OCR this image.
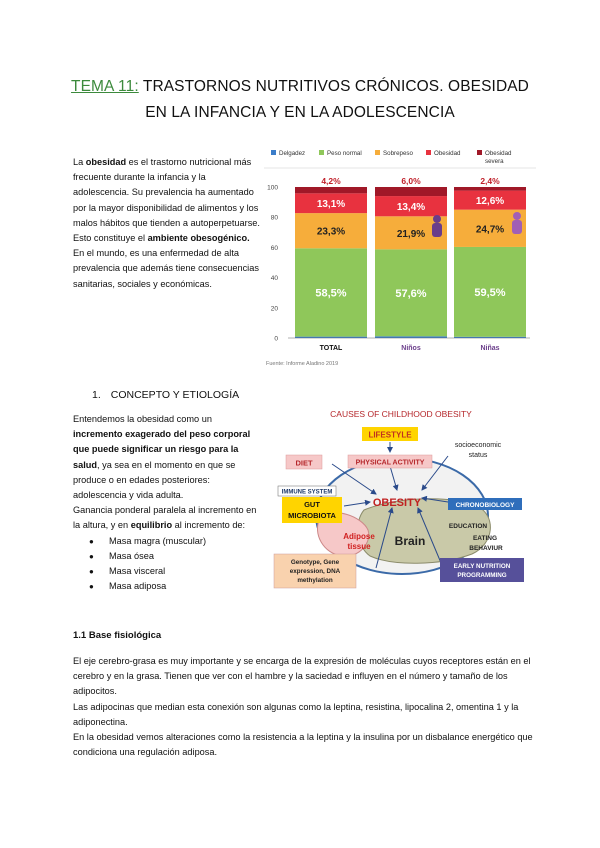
TEMA 11: TRASTORNOS NUTRITIVOS CRÓNICOS. OBESIDAD
EN LA INFANCIA Y EN LA ADOLESCENCIA
La obesidad es el trastorno nutricional más frecuente durante la infancia y la adolescencia. Su prevalencia ha aumentado por la mayor disponibilidad de alimentos y los malos hábitos que tienden a autoperpetuarse. Esto constituye el ambiente obesogénico. En el mundo, es una enfermedad de alta prevalencia que además tiene consecuencias sanitarias, sociales y económicas.
Delgadez	Peso normal	Sobrepeso	Obesidad	Obesidad
severa
0
20
40
60
80
100
58,5%
23,3%
13,1%
4,2%
TOTAL
57,6%
21,9%
13,4%
6,0%
Niños
59,5%
24,7%
12,6%
2,4%
Niñas
Fuente: Informe Aladino 2019
1. CONCEPTO Y ETIOLOGÍA
Entendemos la obesidad como un incremento exagerado del peso corporal que puede significar un riesgo para la salud, ya sea en el momento en que se produce o en edades posteriores: adolescencia y vida adulta.
Ganancia ponderal paralela al incremento en la altura, y en equilibrio al incremento de:
● Masa magra (muscular)
● Masa ósea
● Masa visceral
● Masa adiposa
CAUSES OF CHILDHOOD OBESITY
LIFESTYLE
socioeconomic
status
DIET	PHYSICAL ACTIVITY
IMMUNE SYSTEM
GUT
MICROBIOTA
OBESITY	CHRONOBIOLOGY
EDUCATION
EATING
BEHAVIUR
Adipose
tissue Brain
Genotype, Gene
expression, DNA
methylation
EARLY NUTRITION
PROGRAMMING
1.1 Base fisiológica

El eje cerebro-grasa es muy importante y se encarga de la expresión de moléculas cuyos receptores están en el cerebro y en la grasa. Tienen que ver con el hambre y la saciedad e influyen en el número y tamaño de los adipocitos.

Las adipocinas que median esta conexión son algunas como la leptina, resistina, lipocalina 2, omentina 1 y la adiponectina.

En la obesidad vemos alteraciones como la resistencia a la leptina y la insulina por un disbalance energético que condiciona una regulación adiposa.
